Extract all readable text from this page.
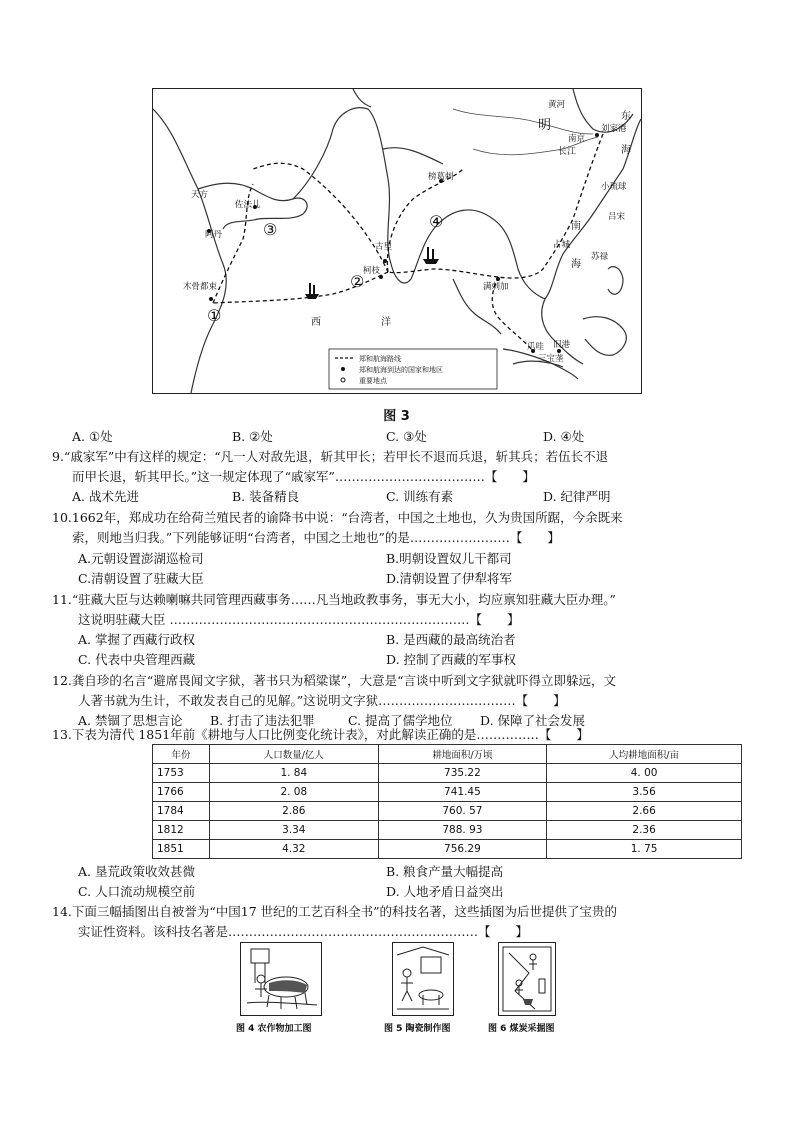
天方
佐法儿
阿丹
木骨都束
古里
柯枝
榜葛剌
满剌加
爪哇 旧港
三宝垄
南京
刘家港
小琉球
吕宋
苏禄
占城
黄河
明
长江
东
海
南
海
西	洋
①
②
③	④
郑和航海路线
郑和航海到达的国家和地区
重要地点
图 3
A. ①处	B. ②处	C. ③处	D. ④处
9.“戚家军”中有这样的规定：“凡一人对敌先退，斩其甲长；若甲长不退而兵退，斩其兵；若伍长不退
而甲长退，斩其甲长。”这一规定体现了“戚家军”………………………………【　　】
A. 战术先进	B. 装备精良	C. 训练有素	D. 纪律严明
10.1662年，郑成功在给荷兰殖民者的谕降书中说：“台湾者，中国之土地也，久为贵国所踞，今余既来
索，则地当归我。”下列能够证明“台湾者，中国之土地也”的是……………………【　　】
A.元朝设置澎湖巡检司	B.明朝设置奴儿干都司
C.清朝设置了驻藏大臣	D.清朝设置了伊犁将军
11.“驻藏大臣与达赖喇嘛共同管理西藏事务……凡当地政教事务，事无大小，均应禀知驻藏大臣办理。”
这说明驻藏大臣 ………………………………………………………………【　　】
A. 掌握了西藏行政权	B. 是西藏的最高统治者
C. 代表中央管理西藏	D. 控制了西藏的军事权
12.龚自珍的名言“避席畏闻文字狱，著书只为稻粱谋”，大意是“言谈中听到文字狱就吓得立即躲远，文
人著书就为生计，不敢发表自己的见解。”这说明文字狱……………………………【　　】
A. 禁锢了思想言论 B. 打击了违法犯罪	C. 提高了儒学地位 D. 保障了社会发展
13.下表为清代 1851年前《耕地与人口比例变化统计表》，对此解读正确的是……………【　　】
年份	人口数量/亿人	耕地面积/万顷	人均耕地面积/亩
1753	1. 84	735.22	4. 00
1766	2. 08	741.45	3.56
1784	2.86	760. 57	2.66
1812	3.34	788. 93	2.36
1851	4.32	756.29	1. 75
A. 垦荒政策收效甚微	B. 粮食产量大幅提高
C. 人口流动规模空前	D. 人地矛盾日益突出
14.下面三幅插图出自被誉为“中国17 世纪的工艺百科全书”的科技名著，这些插图为后世提供了宝贵的
实证性资料。该科技名著是……………………………………………………【　　】
图 4 农作物加工图	图 5 陶瓷制作图	图 6 煤炭采掘图
